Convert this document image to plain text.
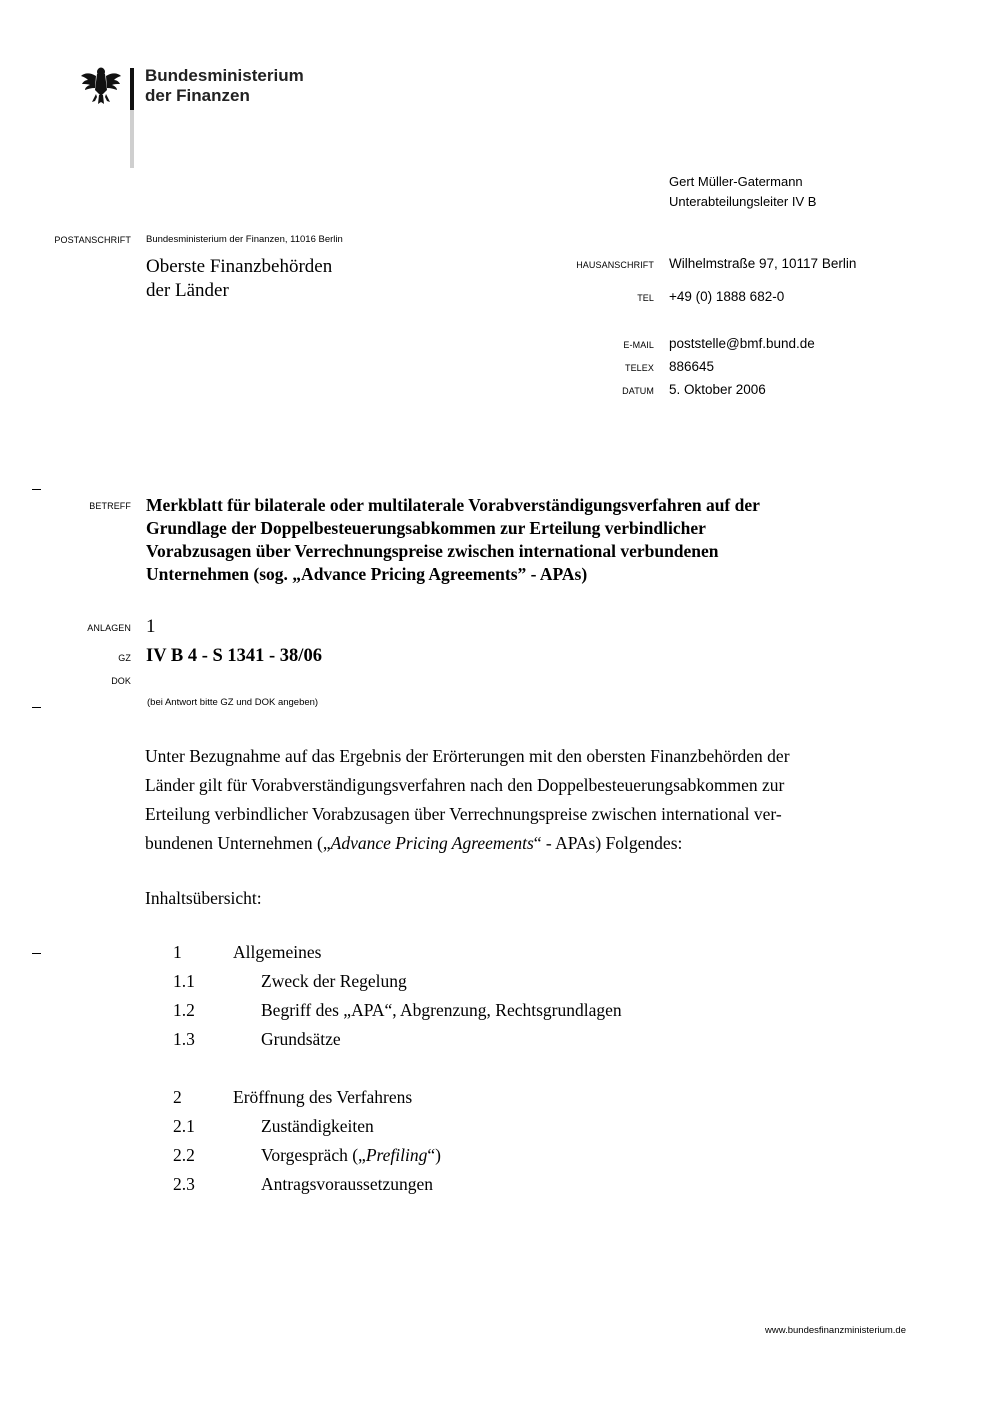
Bundesministerium
der Finanzen
Gert Müller-Gatermann
Unterabteilungsleiter IV B
POSTANSCHRIFT Bundesministerium der Finanzen, 11016 Berlin
Oberste Finanzbehörden
der Länder
HAUSANSCHRIFT Wilhelmstraße 97, 10117 Berlin
TEL +49 (0) 1888 682-0
E-MAIL poststelle@bmf.bund.de
TELEX 886645
DATUM 5. Oktober 2006
BETREFF Merkblatt für bilaterale oder multilaterale Vorabverständigungsverfahren auf der
Grundlage der Doppelbesteuerungsabkommen zur Erteilung verbindlicher
Vorabzusagen über Verrechnungspreise zwischen international verbundenen
Unternehmen (sog. „Advance Pricing Agreements” - APAs)
ANLAGEN 1
GZ IV B 4 - S 1341 - 38/06
DOK
(bei Antwort bitte GZ und DOK angeben)
Unter Bezugnahme auf das Ergebnis der Erörterungen mit den obersten Finanzbehörden der
Länder gilt für Vorabverständigungsverfahren nach den Doppelbesteuerungsabkommen zur
Erteilung verbindlicher Vorabzusagen über Verrechnungspreise zwischen international ver-
bundenen Unternehmen („Advance Pricing Agreements“ - APAs) Folgendes:
Inhaltsübersicht:
1	Allgemeines
1.1	Zweck der Regelung
1.2	Begriff des „APA“, Abgrenzung, Rechtsgrundlagen
1.3	Grundsätze
2	Eröffnung des Verfahrens
2.1	Zuständigkeiten
2.2	Vorgespräch („Prefiling“)
2.3	Antragsvoraussetzungen
www.bundesfinanzministerium.de
